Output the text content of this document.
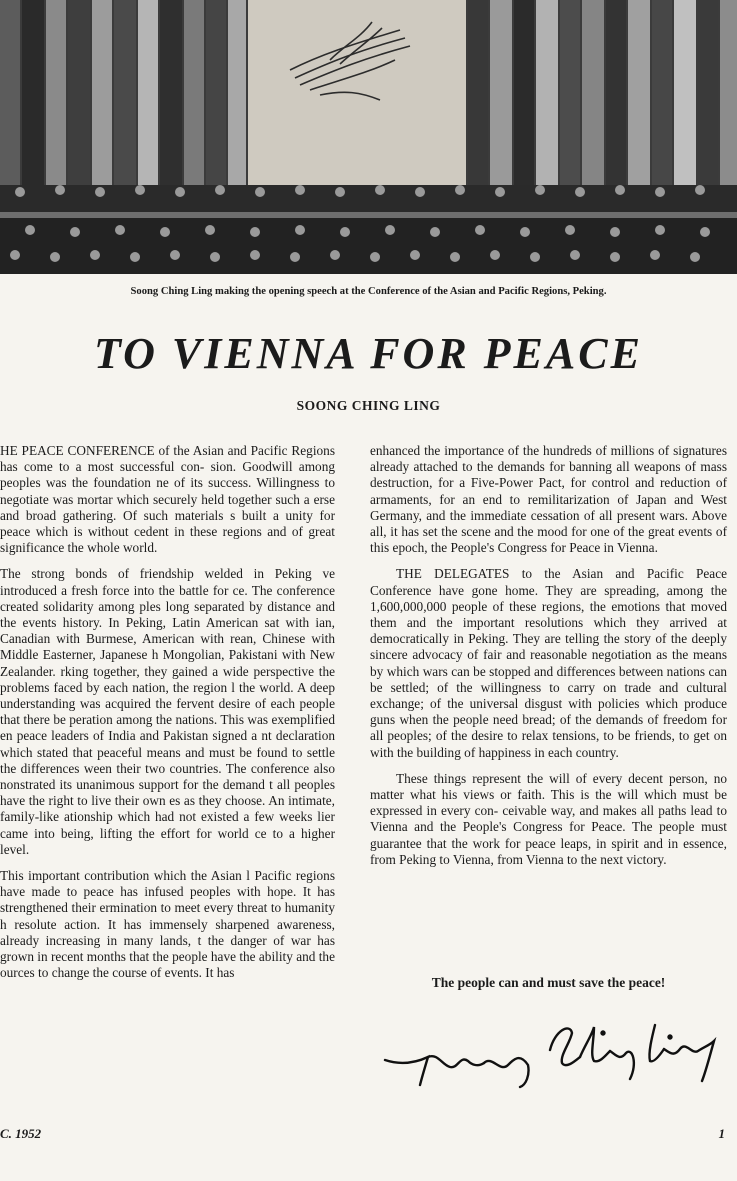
Soong Ching Ling making the opening speech at the Conference of the Asian and Pacific Regions, Peking.
TO VIENNA FOR PEACE
SOONG CHING LING

HE PEACE CONFERENCE of the Asian and Pacific Regions has come to a most successful con- sion. Goodwill among peoples was the foundation ne of its success. Willingness to negotiate was mortar which securely held together such a erse and broad gathering. Of such materials s built a unity for peace which is without cedent in these regions and of great significance the whole world.

The strong bonds of friendship welded in Peking ve introduced a fresh force into the battle for ce. The conference created solidarity among ples long separated by distance and the events history. In Peking, Latin American sat with ian, Canadian with Burmese, American with rean, Chinese with Middle Easterner, Japanese h Mongolian, Pakistani with New Zealander. rking together, they gained a wide perspective the problems faced by each nation, the region l the world. A deep understanding was acquired the fervent desire of each people that there be peration among the nations. This was exemplified en peace leaders of India and Pakistan signed a nt declaration which stated that peaceful means and must be found to settle the differences ween their two countries. The conference also nonstrated its unanimous support for the demand t all peoples have the right to live their own es as they choose. An intimate, family-like ationship which had not existed a few weeks lier came into being, lifting the effort for world ce to a higher level.

This important contribution which the Asian l Pacific regions have made to peace has infused peoples with hope. It has strengthened their ermination to meet every threat to humanity h resolute action. It has immensely sharpened awareness, already increasing in many lands, t the danger of war has grown in recent months that the people have the ability and the ources to change the course of events. It has

enhanced the importance of the hundreds of millions of signatures already attached to the demands for banning all weapons of mass destruction, for a Five-Power Pact, for control and reduction of armaments, for an end to remilitarization of Japan and West Germany, and the immediate cessation of all present wars. Above all, it has set the scene and the mood for one of the great events of this epoch, the People's Congress for Peace in Vienna.

THE DELEGATES to the Asian and Pacific Peace Conference have gone home. They are spreading, among the 1,600,000,000 people of these regions, the emotions that moved them and the important resolutions which they arrived at democratically in Peking. They are telling the story of the deeply sincere advocacy of fair and reasonable negotiation as the means by which wars can be stopped and differences between nations can be settled; of the willingness to carry on trade and cultural exchange; of the universal disgust with policies which produce guns when the people need bread; of the demands of freedom for all peoples; of the desire to relax tensions, to be friends, to get on with the building of happiness in each country.

These things represent the will of every decent person, no matter what his views or faith. This is the will which must be expressed in every con- ceivable way, and makes all paths lead to Vienna and the People's Congress for Peace. The people must guarantee that the work for peace leaps, in spirit and in essence, from Peking to Vienna, from Vienna to the next victory.

The people can and must save the peace!
C. 1952	1
